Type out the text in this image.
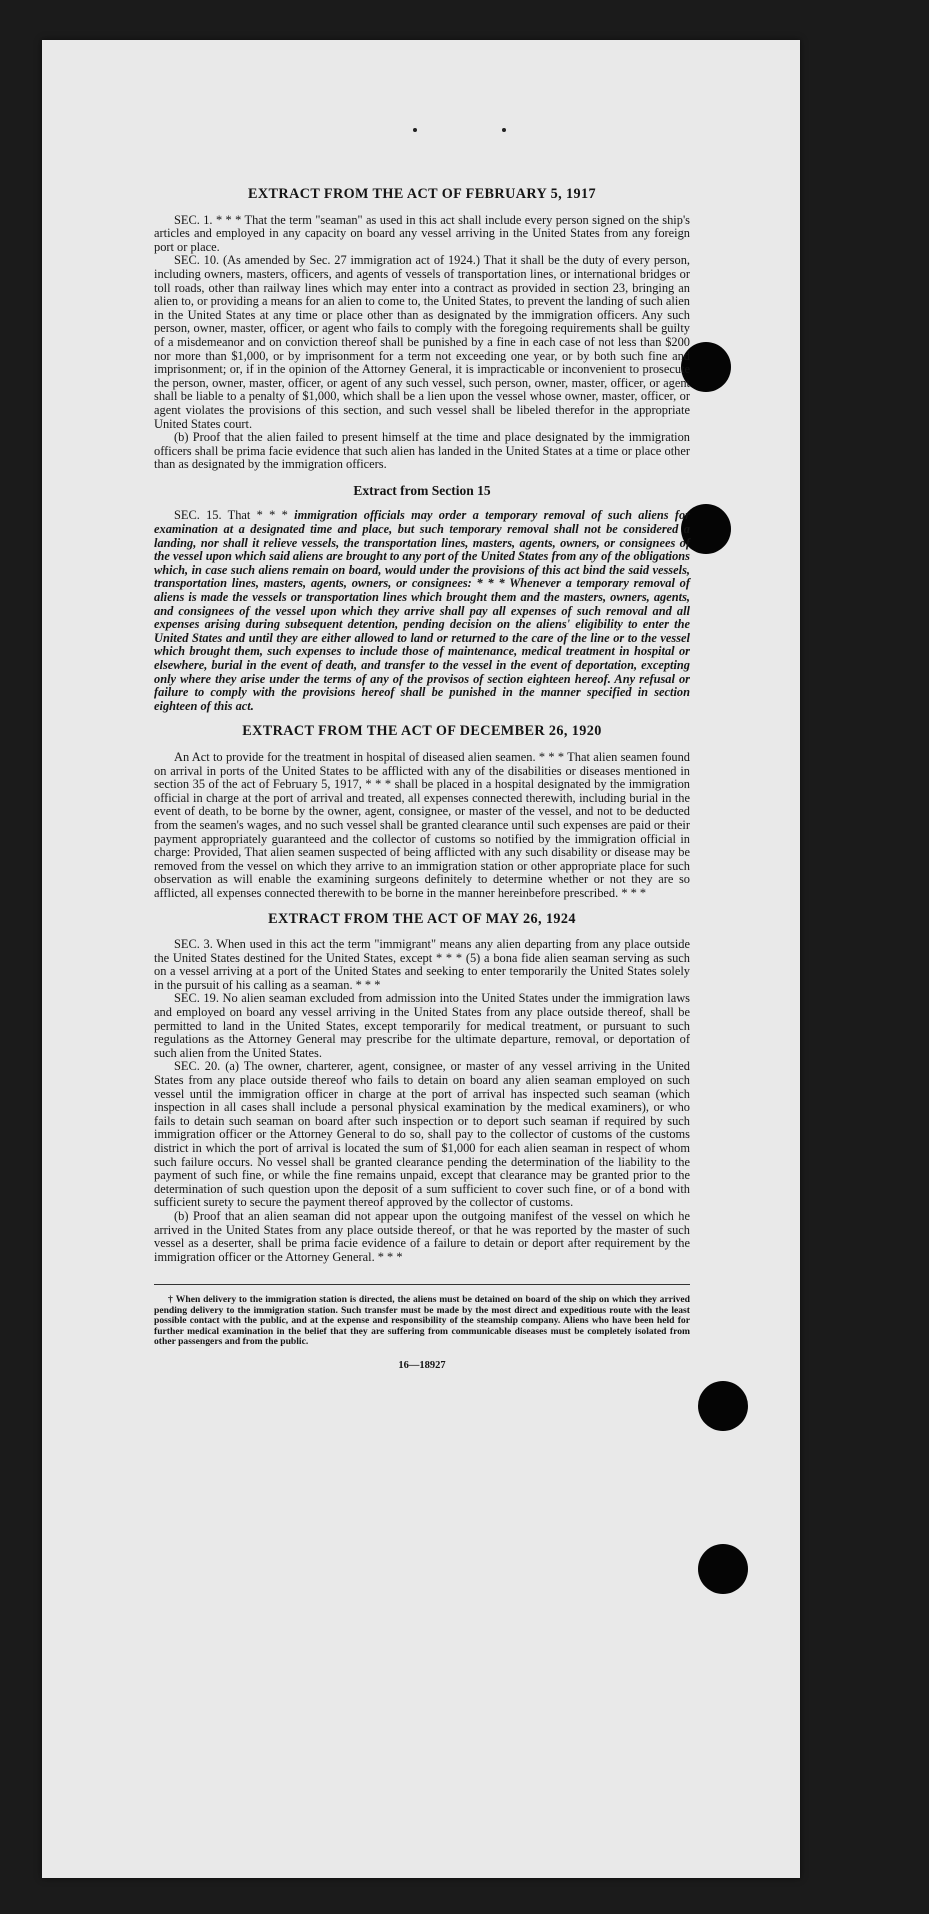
EXTRACT FROM THE ACT OF FEBRUARY 5, 1917

SEC. 1. * * * That the term "seaman" as used in this act shall include every person signed on the ship's articles and employed in any capacity on board any vessel arriving in the United States from any foreign port or place.

SEC. 10. (As amended by Sec. 27 immigration act of 1924.) That it shall be the duty of every person, including owners, masters, officers, and agents of vessels of transportation lines, or international bridges or toll roads, other than railway lines which may enter into a contract as provided in section 23, bringing an alien to, or providing a means for an alien to come to, the United States, to prevent the landing of such alien in the United States at any time or place other than as designated by the immigration officers. Any such person, owner, master, officer, or agent who fails to comply with the foregoing requirements shall be guilty of a misdemeanor and on conviction thereof shall be punished by a fine in each case of not less than $200 nor more than $1,000, or by imprisonment for a term not exceeding one year, or by both such fine and imprisonment; or, if in the opinion of the Attorney General, it is impracticable or inconvenient to prosecute the person, owner, master, officer, or agent of any such vessel, such person, owner, master, officer, or agent shall be liable to a penalty of $1,000, which shall be a lien upon the vessel whose owner, master, officer, or agent violates the provisions of this section, and such vessel shall be libeled therefor in the appropriate United States court.

(b) Proof that the alien failed to present himself at the time and place designated by the immigration officers shall be prima facie evidence that such alien has landed in the United States at a time or place other than as designated by the immigration officers.

Extract from Section 15

SEC. 15. That * * * immigration officials may order a temporary removal of such aliens for examination at a designated time and place, but such temporary removal shall not be considered a landing, nor shall it relieve vessels, the transportation lines, masters, agents, owners, or consignees of the vessel upon which said aliens are brought to any port of the United States from any of the obligations which, in case such aliens remain on board, would under the provisions of this act bind the said vessels, transportation lines, masters, agents, owners, or consignees: * * * Whenever a temporary removal of aliens is made the vessels or transportation lines which brought them and the masters, owners, agents, and consignees of the vessel upon which they arrive shall pay all expenses of such removal and all expenses arising during subsequent detention, pending decision on the aliens' eligibility to enter the United States and until they are either allowed to land or returned to the care of the line or to the vessel which brought them, such expenses to include those of maintenance, medical treatment in hospital or elsewhere, burial in the event of death, and transfer to the vessel in the event of deportation, excepting only where they arise under the terms of any of the provisos of section eighteen hereof. Any refusal or failure to comply with the provisions hereof shall be punished in the manner specified in section eighteen of this act.

EXTRACT FROM THE ACT OF DECEMBER 26, 1920

An Act to provide for the treatment in hospital of diseased alien seamen. * * * That alien seamen found on arrival in ports of the United States to be afflicted with any of the disabilities or diseases mentioned in section 35 of the act of February 5, 1917, * * * shall be placed in a hospital designated by the immigration official in charge at the port of arrival and treated, all expenses connected therewith, including burial in the event of death, to be borne by the owner, agent, consignee, or master of the vessel, and not to be deducted from the seamen's wages, and no such vessel shall be granted clearance until such expenses are paid or their payment appropriately guaranteed and the collector of customs so notified by the immigration official in charge: Provided, That alien seamen suspected of being afflicted with any such disability or disease may be removed from the vessel on which they arrive to an immigration station or other appropriate place for such observation as will enable the examining surgeons definitely to determine whether or not they are so afflicted, all expenses connected therewith to be borne in the manner hereinbefore prescribed. * * *

EXTRACT FROM THE ACT OF MAY 26, 1924

SEC. 3. When used in this act the term "immigrant" means any alien departing from any place outside the United States destined for the United States, except * * * (5) a bona fide alien seaman serving as such on a vessel arriving at a port of the United States and seeking to enter temporarily the United States solely in the pursuit of his calling as a seaman. * * *

SEC. 19. No alien seaman excluded from admission into the United States under the immigration laws and employed on board any vessel arriving in the United States from any place outside thereof, shall be permitted to land in the United States, except temporarily for medical treatment, or pursuant to such regulations as the Attorney General may prescribe for the ultimate departure, removal, or deportation of such alien from the United States.

SEC. 20. (a) The owner, charterer, agent, consignee, or master of any vessel arriving in the United States from any place outside thereof who fails to detain on board any alien seaman employed on such vessel until the immigration officer in charge at the port of arrival has inspected such seaman (which inspection in all cases shall include a personal physical examination by the medical examiners), or who fails to detain such seaman on board after such inspection or to deport such seaman if required by such immigration officer or the Attorney General to do so, shall pay to the collector of customs of the customs district in which the port of arrival is located the sum of $1,000 for each alien seaman in respect of whom such failure occurs. No vessel shall be granted clearance pending the determination of the liability to the payment of such fine, or while the fine remains unpaid, except that clearance may be granted prior to the determination of such question upon the deposit of a sum sufficient to cover such fine, or of a bond with sufficient surety to secure the payment thereof approved by the collector of customs.

(b) Proof that an alien seaman did not appear upon the outgoing manifest of the vessel on which he arrived in the United States from any place outside thereof, or that he was reported by the master of such vessel as a deserter, shall be prima facie evidence of a failure to detain or deport after requirement by the immigration officer or the Attorney General. * * *

† When delivery to the immigration station is directed, the aliens must be detained on board of the ship on which they arrived pending delivery to the immigration station. Such transfer must be made by the most direct and expeditious route with the least possible contact with the public, and at the expense and responsibility of the steamship company. Aliens who have been held for further medical examination in the belief that they are suffering from communicable diseases must be completely isolated from other passengers and from the public.

16—18927
